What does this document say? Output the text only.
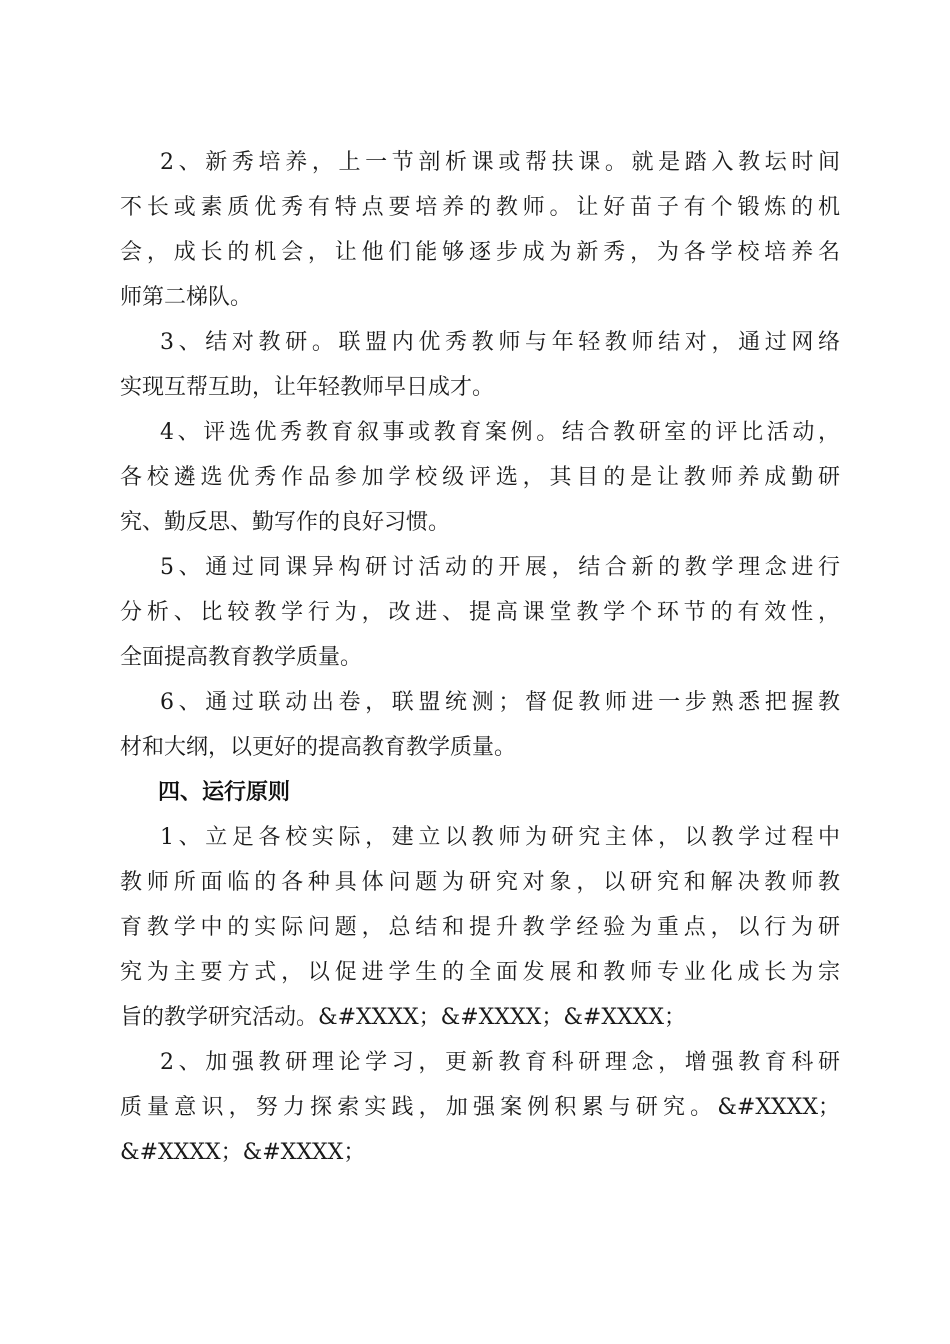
2、新秀培养，上一节剖析课或帮扶课。就是踏入教坛时间
不长或素质优秀有特点要培养的教师。让好苗子有个锻炼的机
会，成长的机会，让他们能够逐步成为新秀，为各学校培养名
师第二梯队。
3、结对教研。联盟内优秀教师与年轻教师结对，通过网络
实现互帮互助，让年轻教师早日成才。
4、评选优秀教育叙事或教育案例。结合教研室的评比活动，
各校遴选优秀作品参加学校级评选，其目的是让教师养成勤研
究、勤反思、勤写作的良好习惯。
5、通过同课异构研讨活动的开展，结合新的教学理念进行
分析、比较教学行为，改进、提高课堂教学个环节的有效性，
全面提高教育教学质量。
6、通过联动出卷，联盟统测；督促教师进一步熟悉把握教
材和大纲，以更好的提高教育教学质量。
四、运行原则
1、立足各校实际，建立以教师为研究主体，以教学过程中
教师所面临的各种具体问题为研究对象，以研究和解决教师教
育教学中的实际问题，总结和提升教学经验为重点，以行为研
究为主要方式，以促进学生的全面发展和教师专业化成长为宗
旨的教学研究活动。&#XXXX；&#XXXX；&#XXXX；
2、加强教研理论学习，更新教育科研理念，增强教育科研
质量意识，努力探索实践，加强案例积累与研究。&#XXXX；
&#XXXX；&#XXXX；
